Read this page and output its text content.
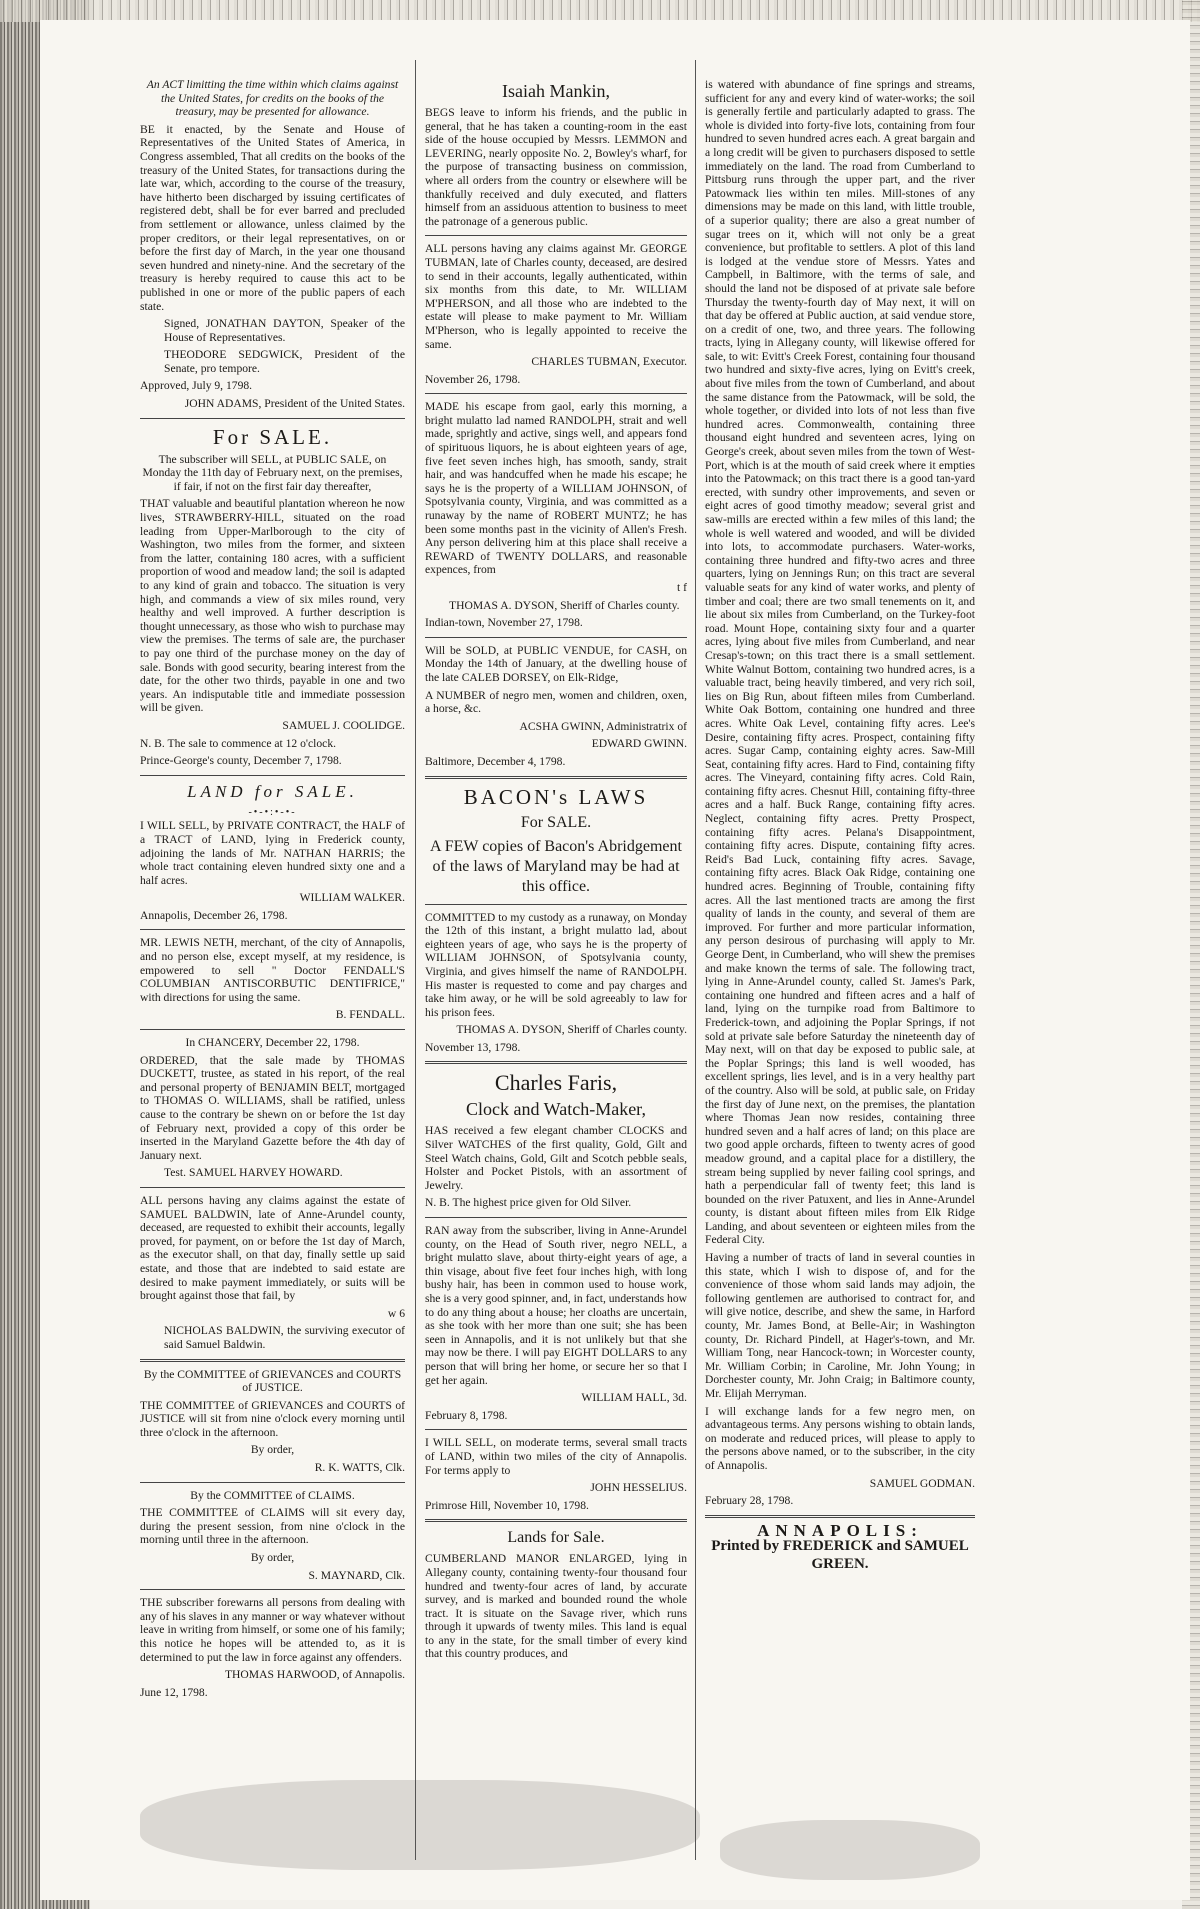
An ACT limitting the time within which claims against the United States, for credits on the books of the treasury, may be presented for allowance.

BE it enacted, by the Senate and House of Representatives of the United States of America, in Congress assembled, That all credits on the books of the treasury of the United States, for transactions during the late war, which, according to the course of the treasury, have hitherto been discharged by issuing certificates of registered debt, shall be for ever barred and precluded from settlement or allowance, unless claimed by the proper creditors, or their legal representatives, on or before the first day of March, in the year one thousand seven hundred and ninety-nine. And the secretary of the treasury is hereby required to cause this act to be published in one or more of the public papers of each state.

Signed, JONATHAN DAYTON, Speaker of the House of Representatives.

THEODORE SEDGWICK, President of the Senate, pro tempore.

Approved, July 9, 1798.

JOHN ADAMS, President of the United States.

For SALE.

The subscriber will SELL, at PUBLIC SALE, on Monday the 11th day of February next, on the premises, if fair, if not on the first fair day thereafter,

THAT valuable and beautiful plantation whereon he now lives, STRAWBERRY-HILL, situated on the road leading from Upper-Marlborough to the city of Washington, two miles from the former, and sixteen from the latter, containing 180 acres, with a sufficient proportion of wood and meadow land; the soil is adapted to any kind of grain and tobacco. The situation is very high, and commands a view of six miles round, very healthy and well improved. A further description is thought unnecessary, as those who wish to purchase may view the premises. The terms of sale are, the purchaser to pay one third of the purchase money on the day of sale. Bonds with good security, bearing interest from the date, for the other two thirds, payable in one and two years. An indisputable title and immediate possession will be given.

SAMUEL J. COOLIDGE.

N. B. The sale to commence at 12 o'clock.

Prince-George's county, December 7, 1798.

LAND for SALE.
-•-•:•-•-

I WILL SELL, by PRIVATE CONTRACT, the HALF of a TRACT of LAND, lying in Frederick county, adjoining the lands of Mr. NATHAN HARRIS; the whole tract containing eleven hundred sixty one and a half acres.

WILLIAM WALKER.

Annapolis, December 26, 1798.

MR. LEWIS NETH, merchant, of the city of Annapolis, and no person else, except myself, at my residence, is empowered to sell " Doctor FENDALL'S COLUMBIAN ANTISCORBUTIC DENTIFRICE," with directions for using the same.

B. FENDALL.

In CHANCERY, December 22, 1798.

ORDERED, that the sale made by THOMAS DUCKETT, trustee, as stated in his report, of the real and personal property of BENJAMIN BELT, mortgaged to THOMAS O. WILLIAMS, shall be ratified, unless cause to the contrary be shewn on or before the 1st day of February next, provided a copy of this order be inserted in the Maryland Gazette before the 4th day of January next.

Test. SAMUEL HARVEY HOWARD.

ALL persons having any claims against the estate of SAMUEL BALDWIN, late of Anne-Arundel county, deceased, are requested to exhibit their accounts, legally proved, for payment, on or before the 1st day of March, as the executor shall, on that day, finally settle up said estate, and those that are indebted to said estate are desired to make payment immediately, or suits will be brought against those that fail, by

w 6

NICHOLAS BALDWIN, the surviving executor of said Samuel Baldwin.

By the COMMITTEE of GRIEVANCES and COURTS of JUSTICE.

THE COMMITTEE of GRIEVANCES and COURTS of JUSTICE will sit from nine o'clock every morning until three o'clock in the afternoon.

By order,

R. K. WATTS, Clk.

By the COMMITTEE of CLAIMS.

THE COMMITTEE of CLAIMS will sit every day, during the present session, from nine o'clock in the morning until three in the afternoon.

By order,

S. MAYNARD, Clk.

THE subscriber forewarns all persons from dealing with any of his slaves in any manner or way whatever without leave in writing from himself, or some one of his family; this notice he hopes will be attended to, as it is determined to put the law in force against any offenders.

THOMAS HARWOOD, of Annapolis.

June 12, 1798.

Isaiah Mankin,

BEGS leave to inform his friends, and the public in general, that he has taken a counting-room in the east side of the house occupied by Messrs. LEMMON and LEVERING, nearly opposite No. 2, Bowley's wharf, for the purpose of transacting business on commission, where all orders from the country or elsewhere will be thankfully received and duly executed, and flatters himself from an assiduous attention to business to meet the patronage of a generous public.

ALL persons having any claims against Mr. GEORGE TUBMAN, late of Charles county, deceased, are desired to send in their accounts, legally authenticated, within six months from this date, to Mr. WILLIAM M'PHERSON, and all those who are indebted to the estate will please to make payment to Mr. William M'Pherson, who is legally appointed to receive the same.

CHARLES TUBMAN, Executor.

November 26, 1798.

MADE his escape from gaol, early this morning, a bright mulatto lad named RANDOLPH, strait and well made, sprightly and active, sings well, and appears fond of spirituous liquors, he is about eighteen years of age, five feet seven inches high, has smooth, sandy, strait hair, and was handcuffed when he made his escape; he says he is the property of a WILLIAM JOHNSON, of Spotsylvania county, Virginia, and was committed as a runaway by the name of ROBERT MUNTZ; he has been some months past in the vicinity of Allen's Fresh. Any person delivering him at this place shall receive a REWARD of TWENTY DOLLARS, and reasonable expences, from

t f

THOMAS A. DYSON, Sheriff of Charles county.

Indian-town, November 27, 1798.

Will be SOLD, at PUBLIC VENDUE, for CASH, on Monday the 14th of January, at the dwelling house of the late CALEB DORSEY, on Elk-Ridge,

A NUMBER of negro men, women and children, oxen, a horse, &c.

ACSHA GWINN, Administratrix of

EDWARD GWINN.

Baltimore, December 4, 1798.

BACON's LAWS
For SALE.

A FEW copies of Bacon's Abridgement of the laws of Maryland may be had at this office.

COMMITTED to my custody as a runaway, on Monday the 12th of this instant, a bright mulatto lad, about eighteen years of age, who says he is the property of WILLIAM JOHNSON, of Spotsylvania county, Virginia, and gives himself the name of RANDOLPH. His master is requested to come and pay charges and take him away, or he will be sold agreeably to law for his prison fees.

THOMAS A. DYSON, Sheriff of Charles county.

November 13, 1798.

Charles Faris,
Clock and Watch-Maker,

HAS received a few elegant chamber CLOCKS and Silver WATCHES of the first quality, Gold, Gilt and Steel Watch chains, Gold, Gilt and Scotch pebble seals, Holster and Pocket Pistols, with an assortment of Jewelry.

N. B. The highest price given for Old Silver.

RAN away from the subscriber, living in Anne-Arundel county, on the Head of South river, negro NELL, a bright mulatto slave, about thirty-eight years of age, a thin visage, about five feet four inches high, with long bushy hair, has been in common used to house work, she is a very good spinner, and, in fact, understands how to do any thing about a house; her cloaths are uncertain, as she took with her more than one suit; she has been seen in Annapolis, and it is not unlikely but that she may now be there. I will pay EIGHT DOLLARS to any person that will bring her home, or secure her so that I get her again.

WILLIAM HALL, 3d.

February 8, 1798.

I WILL SELL, on moderate terms, several small tracts of LAND, within two miles of the city of Annapolis. For terms apply to

JOHN HESSELIUS.

Primrose Hill, November 10, 1798.

Lands for Sale.

CUMBERLAND MANOR ENLARGED, lying in Allegany county, containing twenty-four thousand four hundred and twenty-four acres of land, by accurate survey, and is marked and bounded round the whole tract. It is situate on the Savage river, which runs through it upwards of twenty miles. This land is equal to any in the state, for the small timber of every kind that this country produces, and

is watered with abundance of fine springs and streams, sufficient for any and every kind of water-works; the soil is generally fertile and particularly adapted to grass. The whole is divided into forty-five lots, containing from four hundred to seven hundred acres each. A great bargain and a long credit will be given to purchasers disposed to settle immediately on the land. The road from Cumberland to Pittsburg runs through the upper part, and the river Patowmack lies within ten miles. Mill-stones of any dimensions may be made on this land, with little trouble, of a superior quality; there are also a great number of sugar trees on it, which will not only be a great convenience, but profitable to settlers. A plot of this land is lodged at the vendue store of Messrs. Yates and Campbell, in Baltimore, with the terms of sale, and should the land not be disposed of at private sale before Thursday the twenty-fourth day of May next, it will on that day be offered at Public auction, at said vendue store, on a credit of one, two, and three years. The following tracts, lying in Allegany county, will likewise offered for sale, to wit: Evitt's Creek Forest, containing four thousand two hundred and sixty-five acres, lying on Evitt's creek, about five miles from the town of Cumberland, and about the same distance from the Patowmack, will be sold, the whole together, or divided into lots of not less than five hundred acres. Commonwealth, containing three thousand eight hundred and seventeen acres, lying on George's creek, about seven miles from the town of West-Port, which is at the mouth of said creek where it empties into the Patowmack; on this tract there is a good tan-yard erected, with sundry other improvements, and seven or eight acres of good timothy meadow; several grist and saw-mills are erected within a few miles of this land; the whole is well watered and wooded, and will be divided into lots, to accommodate purchasers. Water-works, containing three hundred and fifty-two acres and three quarters, lying on Jennings Run; on this tract are several valuable seats for any kind of water works, and plenty of timber and coal; there are two small tenements on it, and lie about six miles from Cumberland, on the Turkey-foot road. Mount Hope, containing sixty four and a quarter acres, lying about five miles from Cumberland, and near Cresap's-town; on this tract there is a small settlement. White Walnut Bottom, containing two hundred acres, is a valuable tract, being heavily timbered, and very rich soil, lies on Big Run, about fifteen miles from Cumberland. White Oak Bottom, containing one hundred and three acres. White Oak Level, containing fifty acres. Lee's Desire, containing fifty acres. Prospect, containing fifty acres. Sugar Camp, containing eighty acres. Saw-Mill Seat, containing fifty acres. Hard to Find, containing fifty acres. The Vineyard, containing fifty acres. Cold Rain, containing fifty acres. Chesnut Hill, containing fifty-three acres and a half. Buck Range, containing fifty acres. Neglect, containing fifty acres. Pretty Prospect, containing fifty acres. Pelana's Disappointment, containing fifty acres. Dispute, containing fifty acres. Reid's Bad Luck, containing fifty acres. Savage, containing fifty acres. Black Oak Ridge, containing one hundred acres. Beginning of Trouble, containing fifty acres. All the last mentioned tracts are among the first quality of lands in the county, and several of them are improved. For further and more particular information, any person desirous of purchasing will apply to Mr. George Dent, in Cumberland, who will shew the premises and make known the terms of sale. The following tract, lying in Anne-Arundel county, called St. James's Park, containing one hundred and fifteen acres and a half of land, lying on the turnpike road from Baltimore to Frederick-town, and adjoining the Poplar Springs, if not sold at private sale before Saturday the nineteenth day of May next, will on that day be exposed to public sale, at the Poplar Springs; this land is well wooded, has excellent springs, lies level, and is in a very healthy part of the country. Also will be sold, at public sale, on Friday the first day of June next, on the premises, the plantation where Thomas Jean now resides, containing three hundred seven and a half acres of land; on this place are two good apple orchards, fifteen to twenty acres of good meadow ground, and a capital place for a distillery, the stream being supplied by never failing cool springs, and hath a perpendicular fall of twenty feet; this land is bounded on the river Patuxent, and lies in Anne-Arundel county, is distant about fifteen miles from Elk Ridge Landing, and about seventeen or eighteen miles from the Federal City.

Having a number of tracts of land in several counties in this state, which I wish to dispose of, and for the convenience of those whom said lands may adjoin, the following gentlemen are authorised to contract for, and will give notice, describe, and shew the same, in Harford county, Mr. James Bond, at Belle-Air; in Washington county, Dr. Richard Pindell, at Hager's-town, and Mr. William Tong, near Hancock-town; in Worcester county, Mr. William Corbin; in Caroline, Mr. John Young; in Dorchester county, Mr. John Craig; in Baltimore county, Mr. Elijah Merryman.

I will exchange lands for a few negro men, on advantageous terms. Any persons wishing to obtain lands, on moderate and reduced prices, will please to apply to the persons above named, or to the subscriber, in the city of Annapolis.

SAMUEL GODMAN.

February 28, 1798.

ANNAPOLIS:
Printed by FREDERICK and SAMUEL GREEN.
